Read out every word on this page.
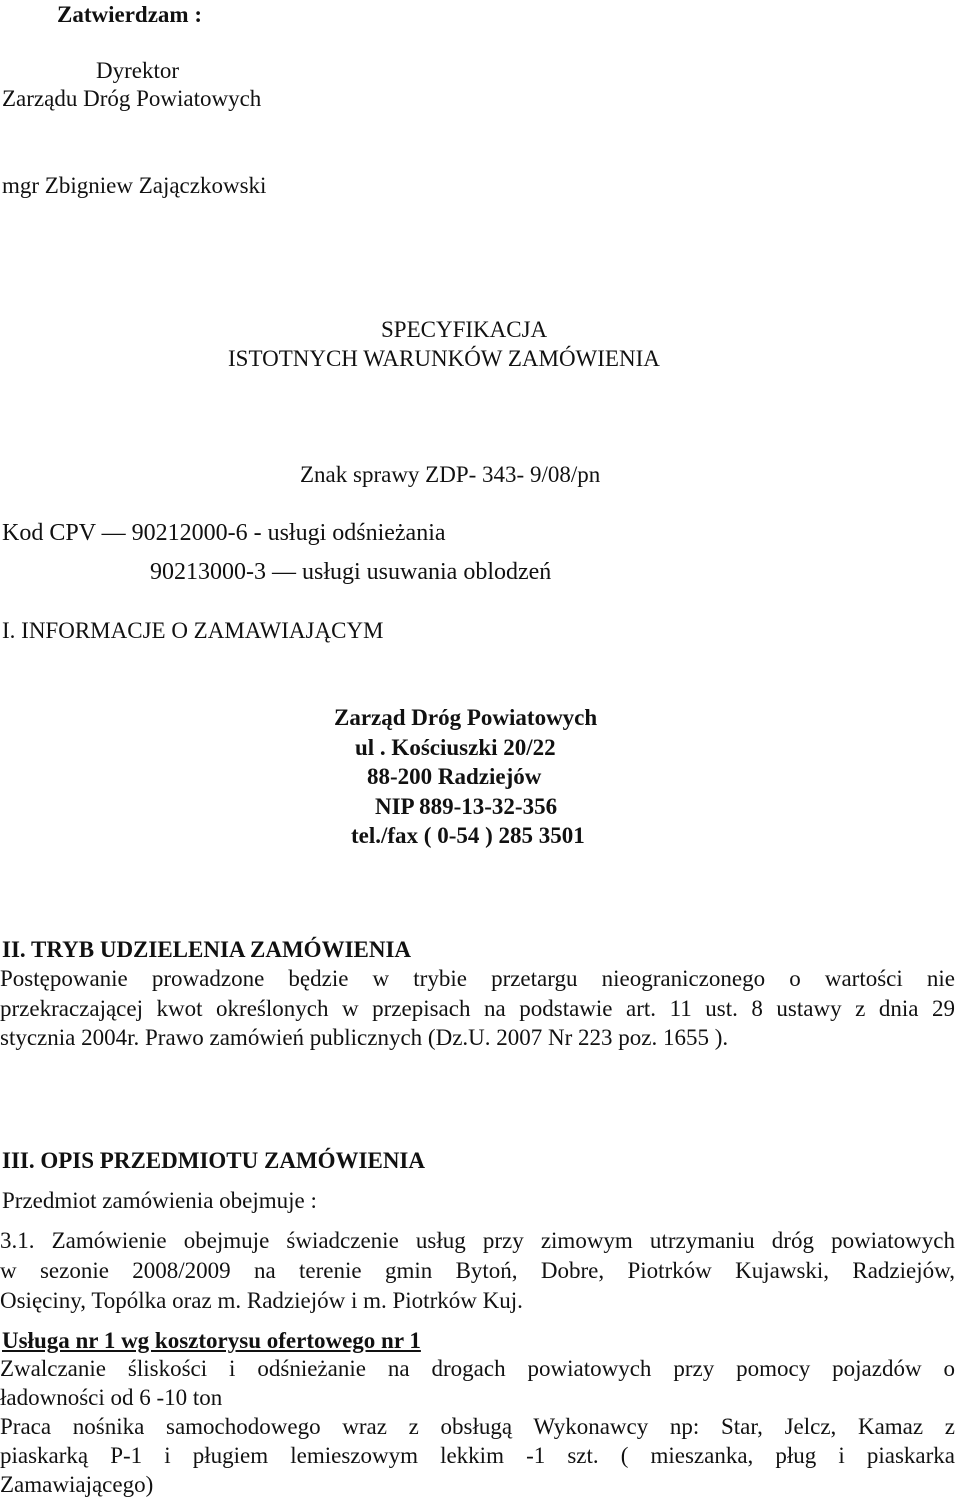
Zatwierdzam :
Dyrektor
Zarządu Dróg Powiatowych
mgr Zbigniew Zajączkowski
SPECYFIKACJA
ISTOTNYCH WARUNKÓW ZAMÓWIENIA
Znak sprawy ZDP- 343- 9/08/pn
Kod CPV — 90212000-6 - usługi odśnieżania
90213000-3 — usługi usuwania oblodzeń
I. INFORMACJE O ZAMAWIAJĄCYM
Zarząd Dróg Powiatowych
ul . Kościuszki 20/22
88-200 Radziejów
NIP 889-13-32-356
tel./fax ( 0-54 ) 285 3501
II. TRYB UDZIELENIA ZAMÓWIENIA
Postępowanie prowadzone będzie w trybie przetargu nieograniczonego o wartości nie
przekraczającej kwot określonych w przepisach na podstawie art. 11 ust. 8 ustawy z dnia 29
stycznia 2004r. Prawo zamówień publicznych (Dz.U. 2007 Nr 223 poz. 1655 ).
III. OPIS PRZEDMIOTU ZAMÓWIENIA
Przedmiot zamówienia obejmuje :
3.1. Zamówienie obejmuje świadczenie usług przy zimowym utrzymaniu dróg powiatowych
w sezonie 2008/2009 na terenie gmin Bytoń, Dobre, Piotrków Kujawski, Radziejów,
Osięciny, Topólka oraz m. Radziejów i m. Piotrków Kuj.
Usługa nr 1 wg kosztorysu ofertowego nr 1
Zwalczanie śliskości i odśnieżanie na drogach powiatowych przy pomocy pojazdów o
ładowności od 6 -10 ton
Praca nośnika samochodowego wraz z obsługą Wykonawcy np: Star, Jelcz, Kamaz z
piaskarką P-1 i pługiem lemieszowym lekkim -1 szt. ( mieszanka, pług i piaskarka
Zamawiającego)
